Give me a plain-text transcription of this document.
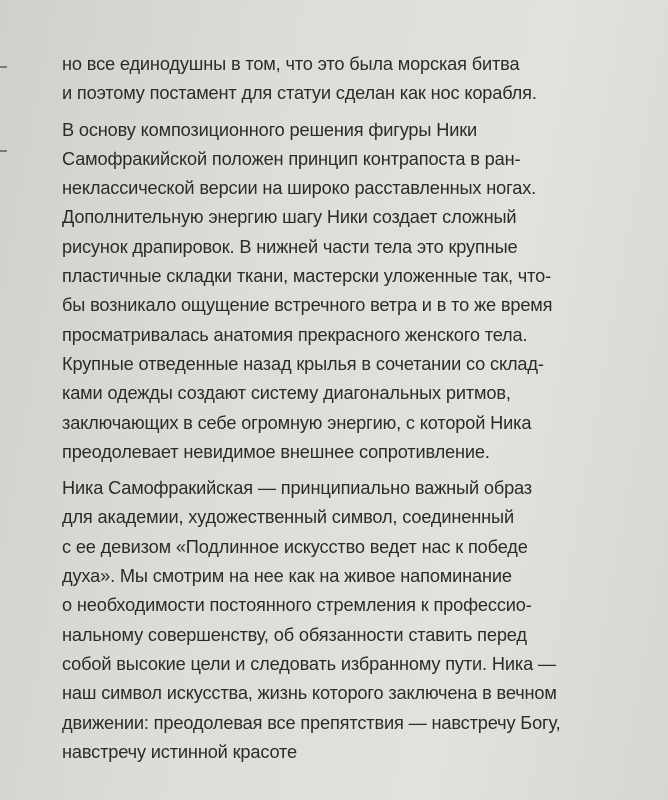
но все единодушны в том, что это была морская битва
и поэтому постамент для статуи сделан как нос корабля.
В основу композиционного решения фигуры Ники
Самофракийской положен принцип контрапоста в ран-
неклассической версии на широко расставленных ногах.
Дополнительную энергию шагу Ники создает сложный
рисунок драпировок. В нижней части тела это крупные
пластичные складки ткани, мастерски уложенные так, что-
бы возникало ощущение встречного ветра и в то же время
просматривалась анатомия прекрасного женского тела.
Крупные отведенные назад крылья в сочетании со склад-
ками одежды создают систему диагональных ритмов,
заключающих в себе огромную энергию, с которой Ника
преодолевает невидимое внешнее сопротивление.
Ника Самофракийская — принципиально важный образ
для академии, художественный символ, соединенный
с ее девизом «Подлинное искусство ведет нас к победе
духа». Мы смотрим на нее как на живое напоминание
о необходимости постоянного стремления к профессио-
нальному совершенству, об обязанности ставить перед
собой высокие цели и следовать избранному пути. Ника —
наш символ искусства, жизнь которого заключена в вечном
движении: преодолевая все препятствия — навстречу Богу,
навстречу истинной красоте
